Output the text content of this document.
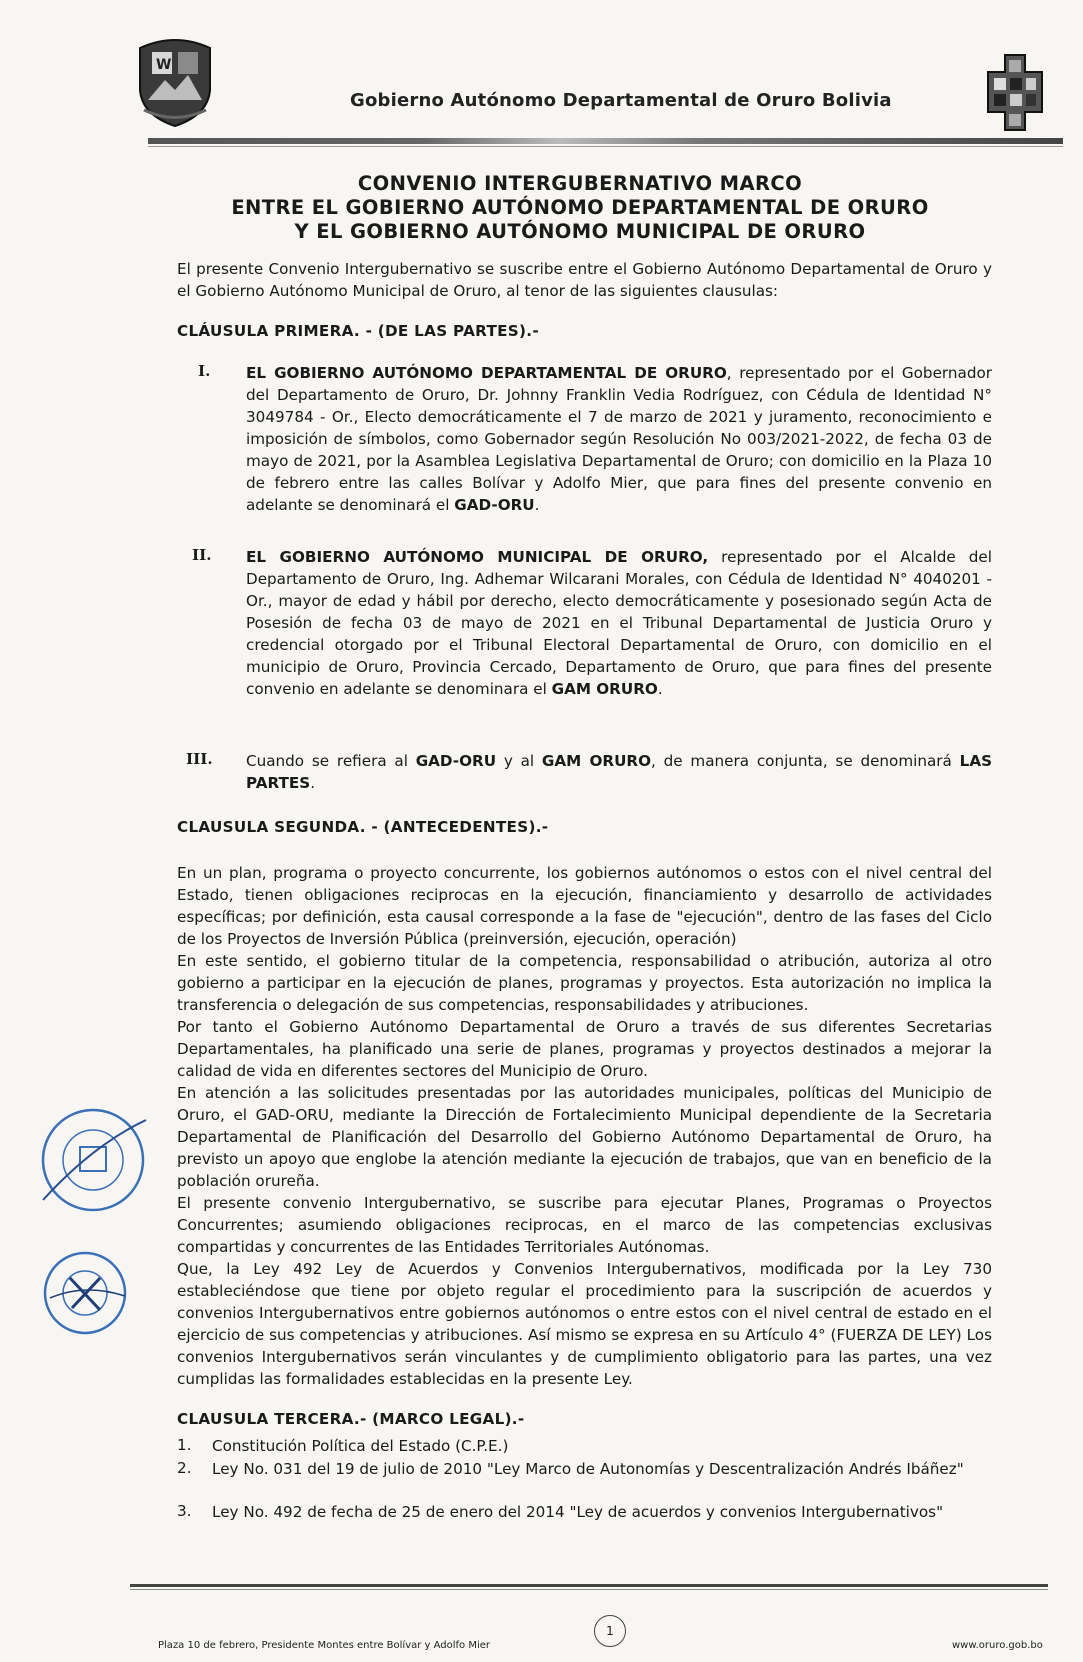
W
Gobierno Autónomo Departamental de Oruro Bolivia
CONVENIO INTERGUBERNATIVO MARCO
ENTRE EL GOBIERNO AUTÓNOMO DEPARTAMENTAL DE ORURO
Y EL GOBIERNO AUTÓNOMO MUNICIPAL DE ORURO
El presente Convenio Intergubernativo se suscribe entre el Gobierno Autónomo Departamental de Oruro y el Gobierno Autónomo Municipal de Oruro, al tenor de las siguientes clausulas:
CLÁUSULA PRIMERA. - (DE LAS PARTES).-
I. EL GOBIERNO AUTÓNOMO DEPARTAMENTAL DE ORURO, representado por el Gobernador del Departamento de Oruro, Dr. Johnny Franklin Vedia Rodríguez, con Cédula de Identidad N° 3049784 - Or., Electo democráticamente el 7 de marzo de 2021 y juramento, reconocimiento e imposición de símbolos, como Gobernador según Resolución No 003/2021-2022, de fecha 03 de mayo de 2021, por la Asamblea Legislativa Departamental de Oruro; con domicilio en la Plaza 10 de febrero entre las calles Bolívar y Adolfo Mier, que para fines del presente convenio en adelante se denominará el GAD-ORU.
II. EL GOBIERNO AUTÓNOMO MUNICIPAL DE ORURO, representado por el Alcalde del Departamento de Oruro, Ing. Adhemar Wilcarani Morales, con Cédula de Identidad N° 4040201 - Or., mayor de edad y hábil por derecho, electo democráticamente y posesionado según Acta de Posesión de fecha 03 de mayo de 2021 en el Tribunal Departamental de Justicia Oruro y credencial otorgado por el Tribunal Electoral Departamental de Oruro, con domicilio en el municipio de Oruro, Provincia Cercado, Departamento de Oruro, que para fines del presente convenio en adelante se denominara el GAM ORURO.
III. Cuando se refiera al GAD-ORU y al GAM ORURO, de manera conjunta, se denominará LAS PARTES.
CLAUSULA SEGUNDA. - (ANTECEDENTES).-
En un plan, programa o proyecto concurrente, los gobiernos autónomos o estos con el nivel central del Estado, tienen obligaciones reciprocas en la ejecución, financiamiento y desarrollo de actividades específicas; por definición, esta causal corresponde a la fase de "ejecución", dentro de las fases del Ciclo de los Proyectos de Inversión Pública (preinversión, ejecución, operación)
En este sentido, el gobierno titular de la competencia, responsabilidad o atribución, autoriza al otro gobierno a participar en la ejecución de planes, programas y proyectos. Esta autorización no implica la transferencia o delegación de sus competencias, responsabilidades y atribuciones.
Por tanto el Gobierno Autónomo Departamental de Oruro a través de sus diferentes Secretarias Departamentales, ha planificado una serie de planes, programas y proyectos destinados a mejorar la calidad de vida en diferentes sectores del Municipio de Oruro.
En atención a las solicitudes presentadas por las autoridades municipales, políticas del Municipio de Oruro, el GAD-ORU, mediante la Dirección de Fortalecimiento Municipal dependiente de la Secretaria Departamental de Planificación del Desarrollo del Gobierno Autónomo Departamental de Oruro, ha previsto un apoyo que englobe la atención mediante la ejecución de trabajos, que van en beneficio de la población orureña.
El presente convenio Intergubernativo, se suscribe para ejecutar Planes, Programas o Proyectos Concurrentes; asumiendo obligaciones reciprocas, en el marco de las competencias exclusivas compartidas y concurrentes de las Entidades Territoriales Autónomas.
Que, la Ley 492 Ley de Acuerdos y Convenios Intergubernativos, modificada por la Ley 730 estableciéndose que tiene por objeto regular el procedimiento para la suscripción de acuerdos y convenios Intergubernativos entre gobiernos autónomos o entre estos con el nivel central de estado en el ejercicio de sus competencias y atribuciones. Así mismo se expresa en su Artículo 4° (FUERZA DE LEY) Los convenios Intergubernativos serán vinculantes y de cumplimiento obligatorio para las partes, una vez cumplidas las formalidades establecidas en la presente Ley.
CLAUSULA TERCERA.- (MARCO LEGAL).-
1. Constitución Política del Estado (C.P.E.)
2. Ley No. 031 del 19 de julio de 2010 "Ley Marco de Autonomías y Descentralización Andrés Ibáñez"
3. Ley No. 492 de fecha de 25 de enero del 2014 "Ley de acuerdos y convenios Intergubernativos"
Plaza 10 de febrero, Presidente Montes entre Bolívar y Adolfo Mier
1
www.oruro.gob.bo
